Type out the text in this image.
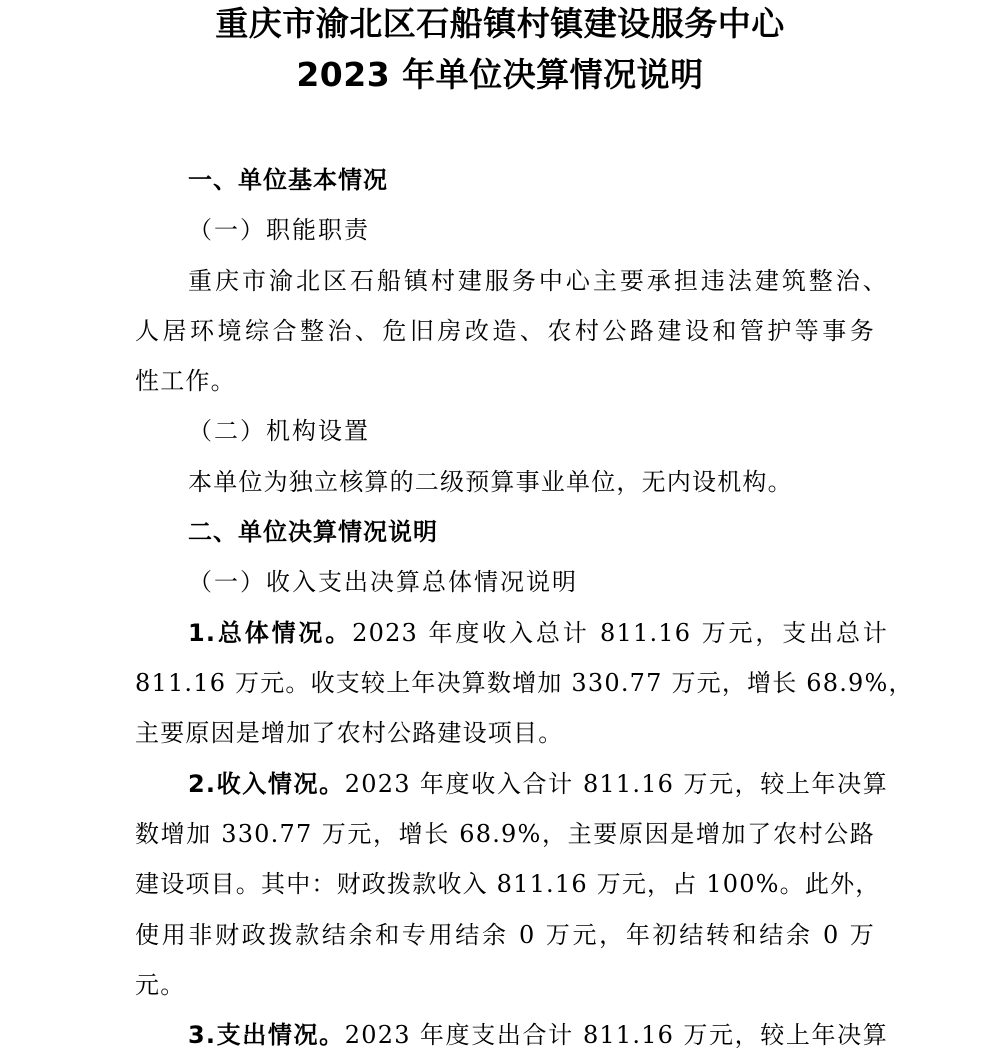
重庆市渝北区石船镇村镇建设服务中心
2023 年单位决算情况说明
一、单位基本情况
（一）职能职责
重庆市渝北区石船镇村建服务中心主要承担违法建筑整治、
人居环境综合整治、危旧房改造、农村公路建设和管护等事务
性工作。
（二）机构设置
本单位为独立核算的二级预算事业单位，无内设机构。
二、单位决算情况说明
（一）收入支出决算总体情况说明
1.总体情况。2023 年度收入总计 811.16 万元，支出总计
811.16 万元。收支较上年决算数增加 330.77 万元，增长 68.9%，
主要原因是增加了农村公路建设项目。
2.收入情况。2023 年度收入合计 811.16 万元，较上年决算
数增加 330.77 万元，增长 68.9%，主要原因是增加了农村公路
建设项目。其中：财政拨款收入 811.16 万元，占 100%。此外，
使用非财政拨款结余和专用结余 0 万元，年初结转和结余 0 万
元。
3.支出情况。2023 年度支出合计 811.16 万元，较上年决算
